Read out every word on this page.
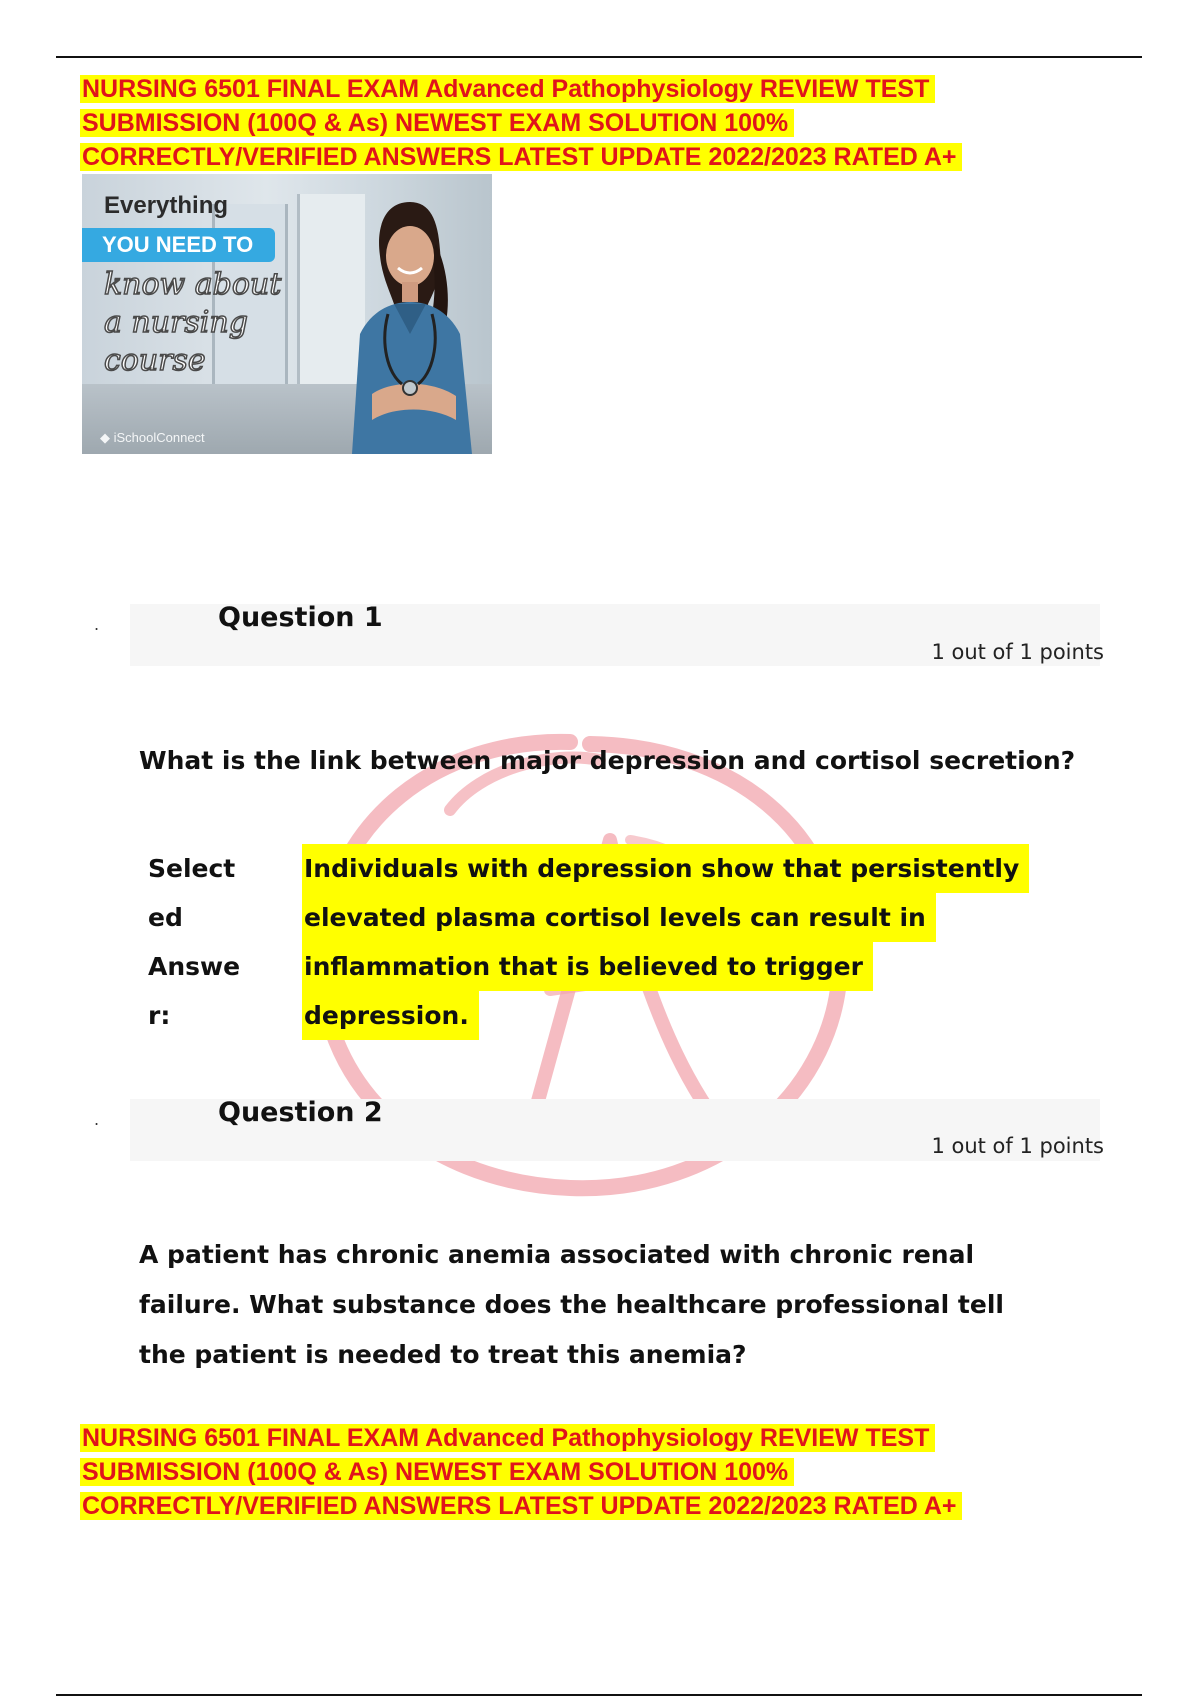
NURSING 6501 FINAL EXAM Advanced Pathophysiology REVIEW TEST
SUBMISSION (100Q & As) NEWEST EXAM SOLUTION 100%
CORRECTLY/VERIFIED ANSWERS LATEST UPDATE 2022/2023 RATED A+
Everything
YOU NEED TO
know about
a nursing
course
◆ iSchoolConnect
.	Question 1
1 out of 1 points
What is the link between major depression and cortisol secretion?
Select
ed
Answe
r:
Individuals with depression show that persistently
elevated plasma cortisol levels can result in
inflammation that is believed to trigger
depression.
.	Question 2
1 out of 1 points
A patient has chronic anemia associated with chronic renal
failure. What substance does the healthcare professional tell
the patient is needed to treat this anemia?
NURSING 6501 FINAL EXAM Advanced Pathophysiology REVIEW TEST
SUBMISSION (100Q & As) NEWEST EXAM SOLUTION 100%
CORRECTLY/VERIFIED ANSWERS LATEST UPDATE 2022/2023 RATED A+
